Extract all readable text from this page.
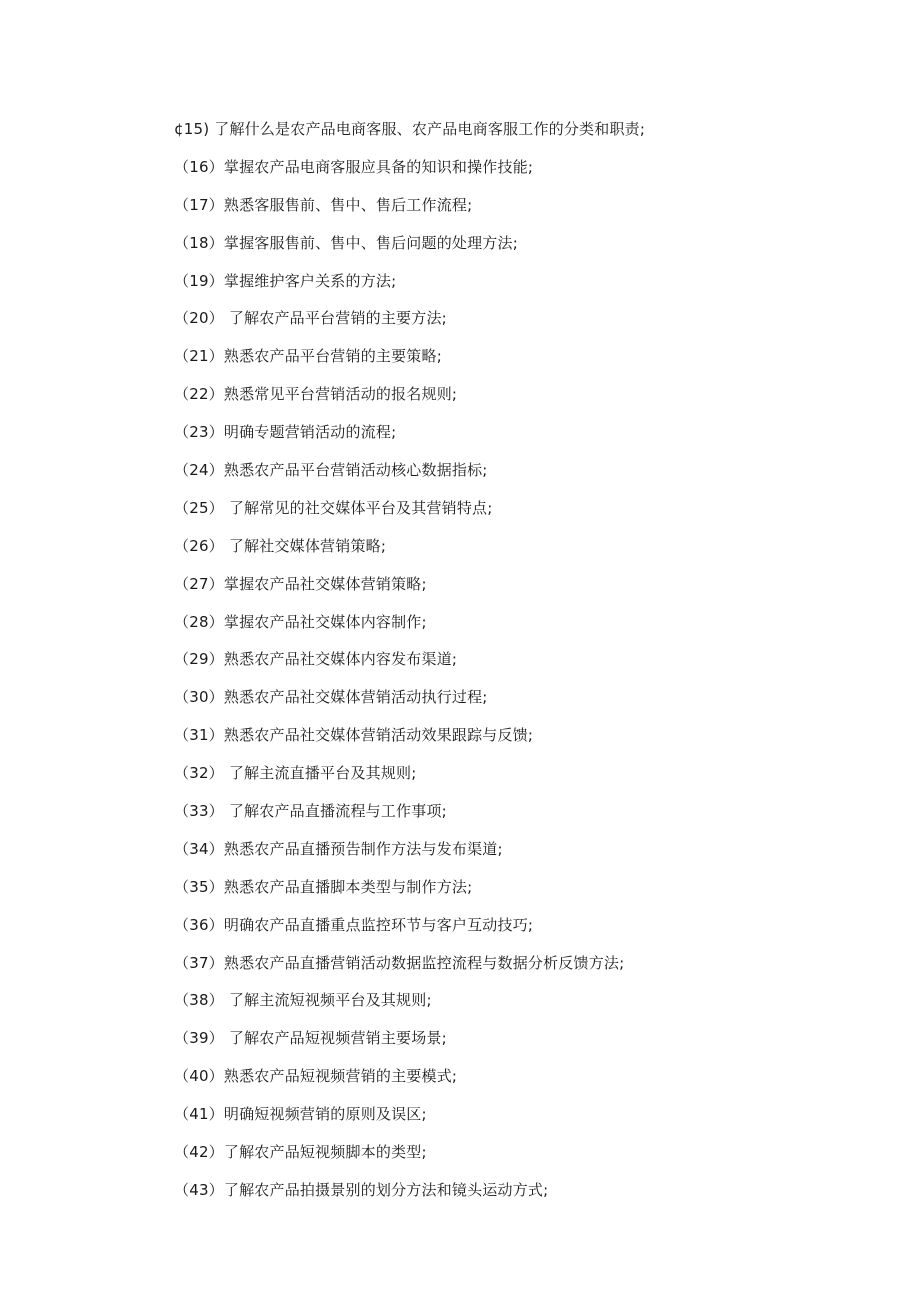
¢15) 了解什么是农产品电商客服、农产品电商客服工作的分类和职责;
（16）掌握农产品电商客服应具备的知识和操作技能;
（17）熟悉客服售前、售中、售后工作流程;
（18）掌握客服售前、售中、售后问题的处理方法;
（19）掌握维护客户关系的方法;
（20） 了解农产品平台营销的主要方法;
（21）熟悉农产品平台营销的主要策略;
（22）熟悉常见平台营销活动的报名规则;
（23）明确专题营销活动的流程;
（24）熟悉农产品平台营销活动核心数据指标;
（25） 了解常见的社交媒体平台及其营销特点;
（26） 了解社交媒体营销策略;
（27）掌握农产品社交媒体营销策略;
（28）掌握农产品社交媒体内容制作;
（29）熟悉农产品社交媒体内容发布渠道;
（30）熟悉农产品社交媒体营销活动执行过程;
（31）熟悉农产品社交媒体营销活动效果跟踪与反馈;
（32） 了解主流直播平台及其规则;
（33） 了解农产品直播流程与工作事项;
（34）熟悉农产品直播预告制作方法与发布渠道;
（35）熟悉农产品直播脚本类型与制作方法;
（36）明确农产品直播重点监控环节与客户互动技巧;
（37）熟悉农产品直播营销活动数据监控流程与数据分析反馈方法;
（38） 了解主流短视频平台及其规则;
（39） 了解农产品短视频营销主要场景;
（40）熟悉农产品短视频营销的主要模式;
（41）明确短视频营销的原则及误区;
（42）了解农产品短视频脚本的类型;
（43）了解农产品拍摄景别的划分方法和镜头运动方式;
